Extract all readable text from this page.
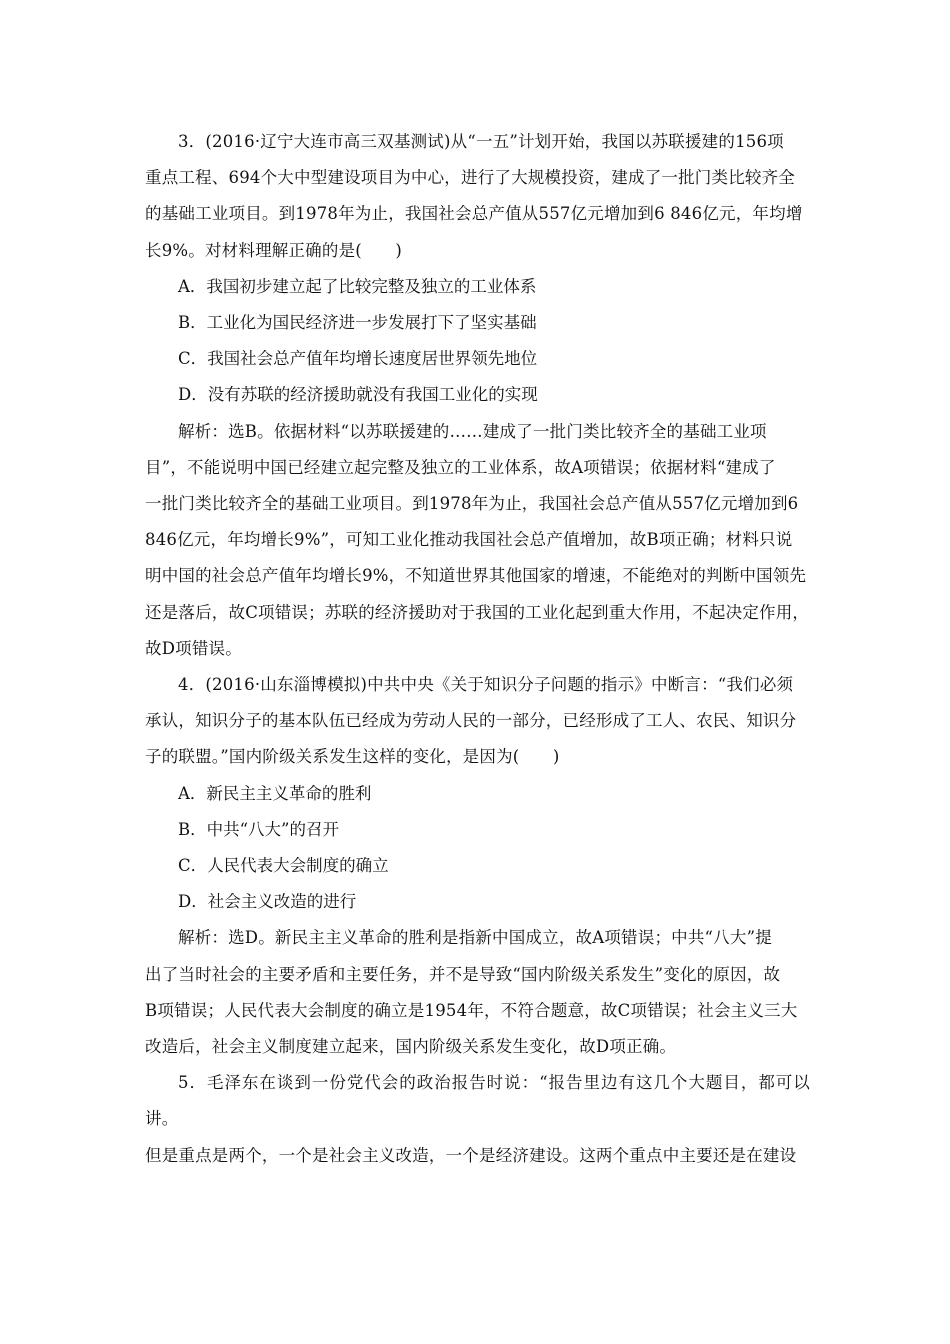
3．(2016·辽宁大连市高三双基测试)从“一五”计划开始，我国以苏联援建的156项
重点工程、694个大中型建设项目为中心，进行了大规模投资，建成了一批门类比较齐全
的基础工业项目。到1978年为止，我国社会总产值从557亿元增加到6 846亿元，年均增
长9%。对材料理解正确的是(　　)

A．我国初步建立起了比较完整及独立的工业体系

B．工业化为国民经济进一步发展打下了坚实基础

C．我国社会总产值年均增长速度居世界领先地位

D．没有苏联的经济援助就没有我国工业化的实现

解析：选B。依据材料“以苏联援建的……建成了一批门类比较齐全的基础工业项
目”，不能说明中国已经建立起完整及独立的工业体系，故A项错误；依据材料“建成了
一批门类比较齐全的基础工业项目。到1978年为止，我国社会总产值从557亿元增加到6
846亿元，年均增长9%”，可知工业化推动我国社会总产值增加，故B项正确；材料只说
明中国的社会总产值年均增长9%，不知道世界其他国家的增速，不能绝对的判断中国领先
还是落后，故C项错误；苏联的经济援助对于我国的工业化起到重大作用，不起决定作用，
故D项错误。

4．(2016·山东淄博模拟)中共中央《关于知识分子问题的指示》中断言：“我们必须
承认，知识分子的基本队伍已经成为劳动人民的一部分，已经形成了工人、农民、知识分
子的联盟。”国内阶级关系发生这样的变化，是因为(　　)

A．新民主主义革命的胜利

B．中共“八大”的召开

C．人民代表大会制度的确立

D．社会主义改造的进行

解析：选D。新民主主义革命的胜利是指新中国成立，故A项错误；中共“八大”提
出了当时社会的主要矛盾和主要任务，并不是导致“国内阶级关系发生”变化的原因，故
B项错误；人民代表大会制度的确立是1954年，不符合题意，故C项错误；社会主义三大
改造后，社会主义制度建立起来，国内阶级关系发生变化，故D项正确。

5．毛泽东在谈到一份党代会的政治报告时说：“报告里边有这几个大题目，都可以讲。
但是重点是两个，一个是社会主义改造，一个是经济建设。这两个重点中主要还是在建设
